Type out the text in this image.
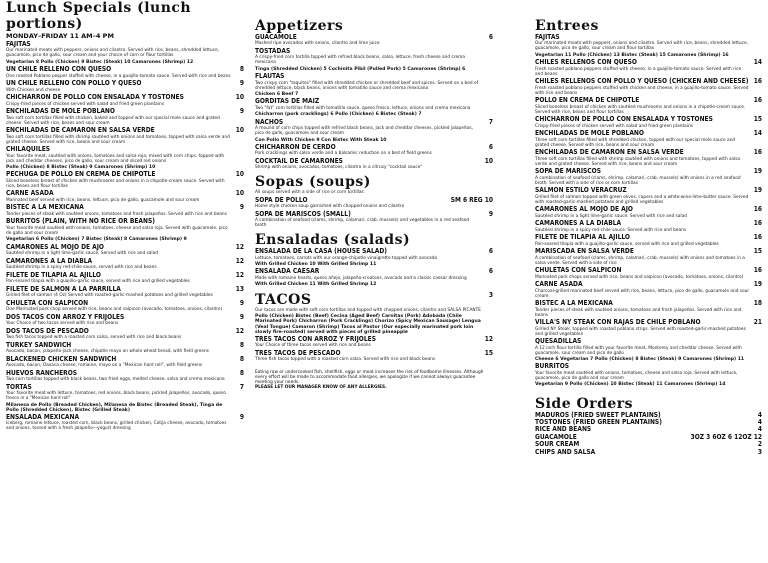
Lunch Specials (lunch portions)
MONDAY–FRIDAY 11 AM–4 PM
FAJITAS
Our marinated meats with peppers, onions and cilantro. Served with rice, beans, shredded lettuce, guacamole, pico de gallo, sour cream and your choice of corn or flour tortillas
Vegetarian 8 Pollo (Chicken) 9 Bistec (Steak) 10 Camarones (Shrimp) 12
UN CHILE RELLENO CON QUESO	8
One roasted Poblano pepper stuffed with cheese, in a guajillo-tomato sauce. Served with rice and beans
UN CHILE RELLENO CON POLLO Y QUESO	9
With Chicken and cheese
CHICHARRON DE POLLO CON ENSALADA Y TOSTONES	10
Crispy-fried pieces of chicken served with salad and fried green plantains
ENCHILADAS DE MOLE POBLANO	9
Two soft corn tortillas filled with chicken, baked and topped with our special mole sauce and grated cheese. Served with rice, beans and sour cream
ENCHILADAS DE CAMARON EN SALSA VERDE	10
Two soft corn tortillas filled with shrimp sautéed with onions and tomatoes, topped with salsa verde and grated cheese. Served with rice, beans and sour cream
CHILAQUILES
Your favorite meat, sautéed with onions, tomatoes and salsa roja, mixed with corn chips, topped with jack and cheddar cheeses, pico de gallo, sour cream and sliced red onions
Pollo (Chicken) 8 Bistec (Steak) 9 Camarones (Shrimp) 10
PECHUGA DE POLLO EN CREMA DE CHIPOTLE	10
Sliced boneless breast of chicken with mushrooms and onions in a chipotle-cream sauce. Served with rice, beans and flour tortillas
CARNE ASADA	10
Marinated beef served with rice, beans, lettuce, pico de gallo, guacamole and sour cream
BISTEC A LA MEXICANA	9
Tender pieces of steak with sautéed onions, tomatoes and fresh jalapeños. Served with rice and beans
BURRITOS (PLAIN, WITH NO RICE OR BEANS)
Your favorite meat sautéed with onions, tomatoes, cheese and salsa roja. Served with guacamole, pico de gallo and sour cream
Vegetarian 6 Pollo (Chicken) 7 Bistec (Steak) 8 Camarones (Shrimp) 9
CAMARONES AL MOJO DE AJO	12
Sautéed shrimp in a light lime-garlic sauce. Served with rice and salad
CAMARONES A LA DIABLA	12
Sautéed shrimp in a spicy red-chile sauce, served with rice and beans
FILETE DE TILAPIA AL AJILLO	12
Pan-seared tilapia with a guajillo-garlic sauce, served with rice and grilled vegetables
FILETE DE SALMON A LA PARRILLA	13
Grilled filet of salmon (4 Oz) Served with roasted-garlic-mashed potatoes and grilled vegetables
CHULETA CON SALPICON	9
One Marinated pork chop served with rice, beans and salpicon (avocado, tomatoes, onions, cilantro)
DOS TACOS CON ARROZ Y FRIJOLES	9
Your Choice of two tacos served with rice and beans
DOS TACOS DE PESCADO	12
Two fish tacos topped with a roasted corn salsa, served with rice and black beans
TURKEY SANDWICH	8
Avocado, bacon, jalapeño-jack cheese, chipotle mayo on whole wheat bread, with field greens
BLACKENED CHICKEN SANDWICH	8
Avocado, bacon, Oaxaca cheese, romaine, mayo on a "Mexican hard roll", with field greens
HUEVOS RANCHEROS	8
Two corn tortillas topped with black beans, two fried eggs, melted cheese, salsa and crema mexicana
TORTAS	7
Your favorite meat with lettuce, tomatoes, red onions, black beans, pickled jalapeños, avocado, queso fresco in a "Mexican hard roll"
Milanesa de Pollo (Breaded Chicken), Milanesa de Bistec (Breaded Steak), Tinga de Pollo (Shredded Chicken), Bistec (Grilled Steak)
ENSALADA MEXICANA	9
Iceberg, romaine lettuce, roasted corn, black beans, grilled chicken, Cotija cheese, avocado, tomatoes and onions, tossed with a fresh jalapeño—yogurt dressing
Appetizers
GUACAMOLE	6
Mashed ripe avocados with onions, cilantro and lime juice
TOSTADAS
A crispy-fried corn tortilla topped with refried black beans, salsa, lettuce, fresh cheese and crema mexicana
Tinga (Shredded Chicken) 5 Cochinita Pibil (Pulled Pork) 5 Camarones (Shrimp) 6
FLAUTAS
Two crispy corn "taquitos" filled with shredded chicken or shredded beef and spices. Served on a bed of shredded lettuce, black beans, onions with tomatillo sauce and crema mexicana
Chicken 6 Beef 7
GORDITAS DE MAIZ
Two "fat" corn tortillas filled with tomatillo sauce, queso fresco, lettuce, onions and crema mexicana
Chicharron (pork cracklings) 6 Pollo (Chicken) 6 Bistec (Steak) 7
NACHOS	7
A mound of corn chips topped with refried black beans, jack and cheddar cheeses, pickled jalapeños, pico de gallo, guacamole and sour cream
Con Pollo With Chicken 9 Con Bistec With Steak 10
CHICHARRON DE CERDO	6
Pork cracklings with salsa verde and a balsamic reduction on a bed of field greens
COCKTAIL DE CAMARONES	10
Shrimp with onions, avocados, tomatoes, cilantro in a citrusy "cocktail sauce"
Sopas (soups)
All soups served with a side of rice or corn tortillas
SOPA DE POLLO	SM 6 REG 10
Home style chicken soup garnished with chopped onions and cilantro
SOPA DE MARISCOS (SMALL)	9
A combination of seafood (clams, shrimp, calamari, crab, mussels) and vegetables in a red seafood broth
Ensaladas (salads)
ENSALADA DE LA CASA (HOUSE SALAD)	6
Lettuce, tomatoes, carrots with our orange-chipotle vinaigrette topped with avocado
With Grilled Chicken 10 With Grilled Shrimp 11
ENSALADA CAESAR	6
Made with romaine hearts, queso añejo, jalapeño-croutons, avocado and a classic caesar dressing
With Grilled Chicken 11 With Grilled Shrimp 12
TACOS	3
Our tacos are made with soft corn tortillas and topped with chopped onions, cilantro and SALSA PICANTE
Pollo (Chicken) Bistec (Beef) Cecina (Aged Beef) Carnitas (Pork) Adobada (Chile Marinated Pork) Chicharron (Pork Cracklings) Chorizo (Spicy Mexican Sausage) Lengua (Veal Tongue) Camaron (Shrimp) Tacos al Pastor (Our especially marinated pork loin slowly fire-roasted) served with pieces of grilled pineapple
TRES TACOS CON ARROZ Y FRIJOLES	12
Your Choice of three tacos served with rice and beans
TRES TACOS DE PESCADO	15
Three fish tacos topped with a roasted corn salsa. Served with rice and black beans
Eating raw or undercooked fish, shellfish, eggs or meat increases the risk of foodborne illnesses. Although every effort will be made to accommodate food allergies, we apologize if we cannot always guarantee meeting your needs.
PLEASE LET OUR MANAGER KNOW OF ANY ALLERGIES.
Entrees
FAJITAS
Our marinated meats with peppers, onions and cilantro. Served with rice, beans, shredded lettuce, guacamole, pico de gallo, sour cream and flour tortillas
Vegetarian 11 Pollo (Chicken) 13 Bistec (Steak) 15 Camarones (Shrimp) 16
CHILES RELLENOS CON QUESO	14
Fresh roasted poblano peppers stuffed with cheese, in a guajillo-tomato sauce. Served with rice and beans
CHILES RELLENOS CON POLLO Y QUESO (CHICKEN AND CHEESE) 16
Fresh roasted poblano peppers stuffed with chicken and cheese, in a guajillo-tomato sauce. Served with rice and beans
POLLO EN CREMA DE CHIPOTLE	16
Sliced boneless breast of chicken with sautéed mushrooms and onions in a chipotle-cream sauce. Served with rice, beans and flour tortillas
CHICHARRON DE POLLO CON ENSALADA Y TOSTONES	15
Crispy-fried pieces of chicken served with salad and fried green plantains
ENCHILADAS DE MOLE POBLANO	14
Three soft corn tortillas filled with shredded chicken, topped with our special mole sauce and grated cheese. Served with rice, beans and sour cream
ENCHILADAS DE CAMARON EN SALSA VERDE	16
Three soft corn tortillas filled with shrimp sautéed with onions and tomatoes, topped with salsa verde and grated cheese. Served with rice, beans and sour cream
SOPA DE MARISCOS	19
A combination of seafood (clams, shrimp, calamari, crab, mussels) with onions in a red seafood broth. Served with a side of rice or corn tortillas
SALMON ESTILO VERACRUZ	19
Grilled filet of salmon topped with green olives, capers and a white-wine-lime-butter sauce. Served with roasted-garlic-mashed potatoes and grilled vegetables
CAMARONES AL MOJO DE AJO	16
Sautéed shrimp in a light lime-garlic sauce. Served with rice and salad
CAMARONES A LA DIABLA	16
Sautéed shrimp in a spicy red-chile sauce. Served with rice and beans
FILETE DE TILAPIA AL AJILLO	16
Pan-seared tilapia with a guajillo-garlic sauce, served with rice and grilled vegetables
MARISCADA EN SALSA VERDE	15
A combination of seafood (clams, shrimp, calamari, crab, mussels) with onions and tomatoes in a salsa verde. Served with a side of rice
CHULETAS CON SALPICON	16
Marinated pork chops served with rice, beans and salpicon (avocado, tomatoes, onions, cilantro)
CARNE ASADA	19
Charcoal-grilled marinated beef served with rice, beans, lettuce, pico de gallo, guacamole and sour cream
BISTEC A LA MEXICANA	18
Tender pieces of steak with sautéed onions, tomatoes and fresh jalapeños. Served with rice and beans
VILLA'S NY STEAK CON RAJAS DE CHILE POBLANO	21
Grilled NY Steak, topped with roasted poblano strips. Served with roasted-garlic-mashed potatoes and grilled vegetables
QUESADILLAS
A 12 inch flour tortilla filled with your favorite meat, Monterey and cheddar cheese. Served with guacamole, sour cream and pico de gallo
Cheese 6 Vegetarian 7 Pollo (Chicken) 8 Bistec (Steak) 9 Camarones (Shrimp) 11
BURRITOS
Your favorite meat sautéed with onions, tomatoes, cheese and salsa roja. Served with lettuce, guacamole, pico de gallo and sour cream
Vegetarian 9 Pollo (Chicken) 10 Bistec (Steak) 11 Camarones (Shrimp) 14
Side Orders
MADUROS (FRIED SWEET PLANTAINS)	4
TOSTONES (FRIED GREEN PLANTAINS)	4
RICE AND BEANS	4
GUACAMOLE	3OZ 3 6OZ 6 12OZ 12
SOUR CREAM	2
CHIPS AND SALSA	3
